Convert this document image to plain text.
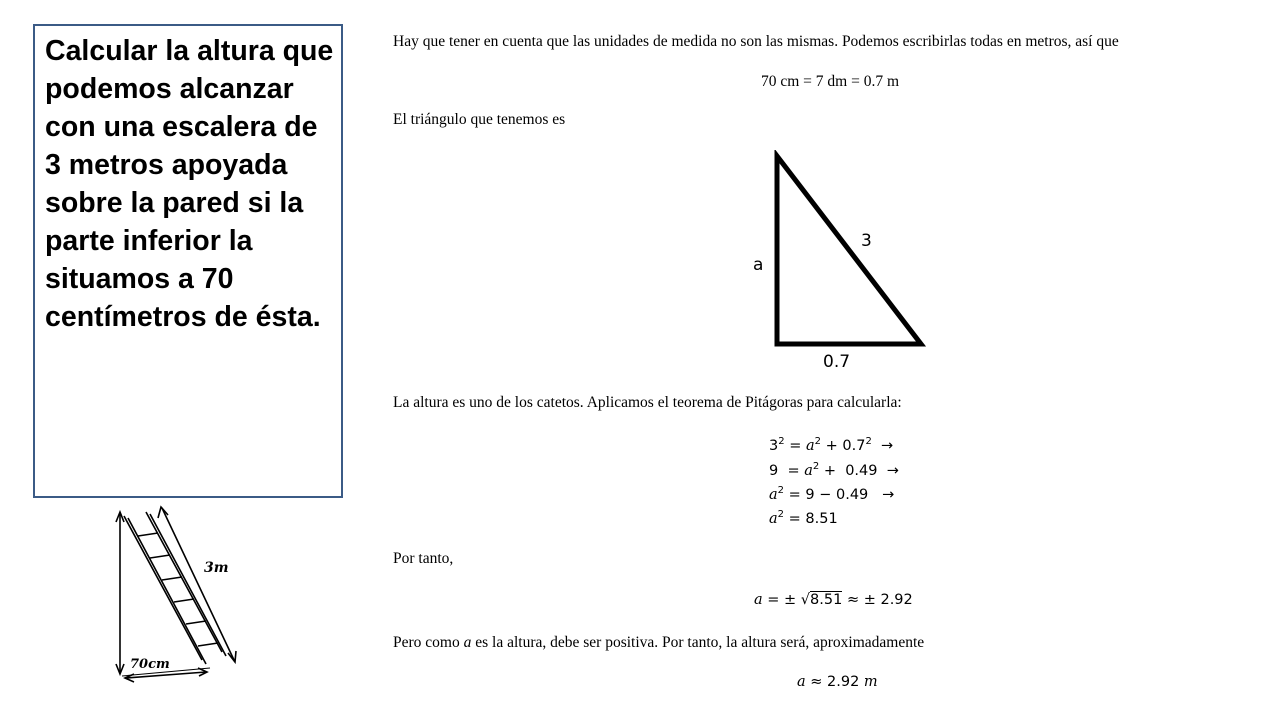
Calcular la altura que podemos alcanzar con una escalera de 3 metros apoyada sobre la pared si la parte inferior la situamos a 70 centímetros de ésta.

3m
70cm

Hay que tener en cuenta que las unidades de medida no son las mismas. Podemos escribirlas todas en metros, así que

70 cm = 7 dm = 0.7 m

El triángulo que tenemos es

a
3
0.7

La altura es uno de los catetos. Aplicamos el teorema de Pitágoras para calcularla:

$3^2 = a^2 + 0.7^2$  →

$9 = a^2 + 0.49$  →

$a^2 = 9 - 0.49$   →

$a^2 = 8.51$

Por tanto,

a = ± √8.51 ≈ ± 2.92

Pero como a es la altura, debe ser positiva. Por tanto, la altura será, aproximadamente

a ≈ 2.92 m
